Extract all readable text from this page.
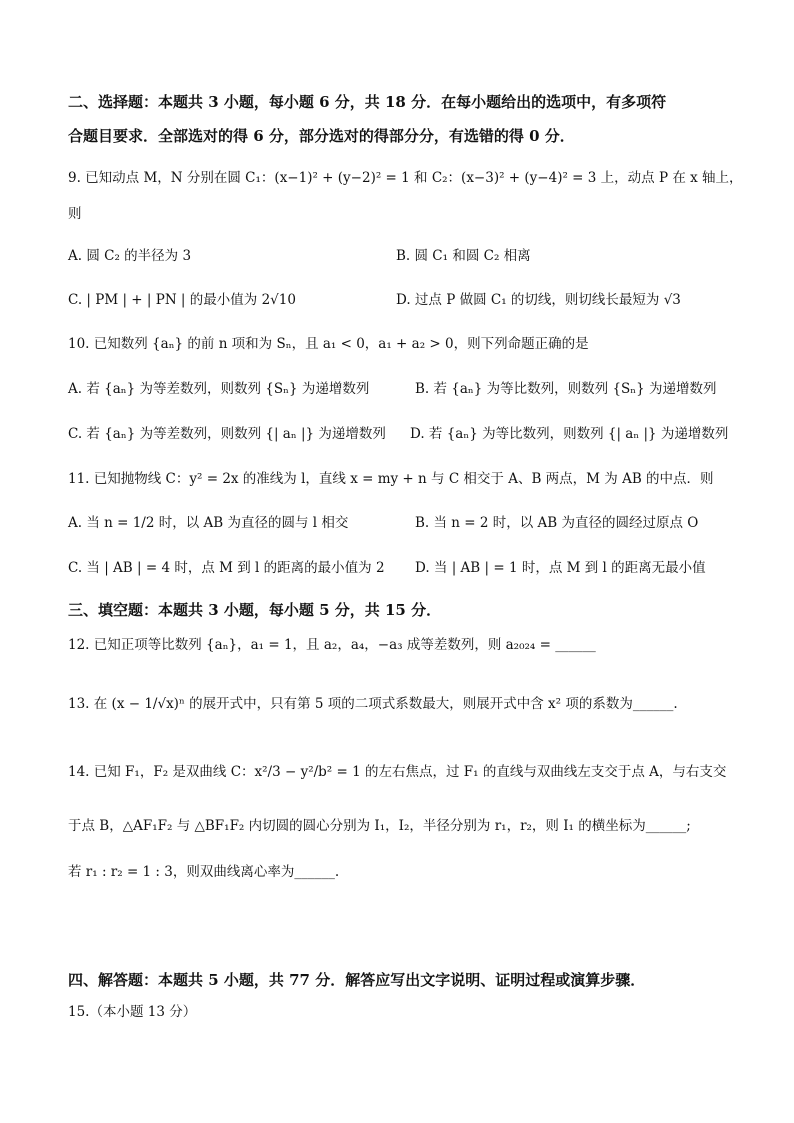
二、选择题：本题共 3 小题，每小题 6 分，共 18 分．在每小题给出的选项中，有多项符
合题目要求．全部选对的得 6 分，部分选对的得部分分，有选错的得 0 分．
9. 已知动点 M，N 分别在圆 C₁：(x−1)² + (y−2)² = 1 和 C₂：(x−3)² + (y−4)² = 3 上，动点 P 在 x 轴上，
则
A. 圆 C₂ 的半径为 3	B. 圆 C₁ 和圆 C₂ 相离
C. | PM | + | PN | 的最小值为 2√10	D. 过点 P 做圆 C₁ 的切线，则切线长最短为 √3
10. 已知数列 {aₙ} 的前 n 项和为 Sₙ，且 a₁ < 0，a₁ + a₂ > 0，则下列命题正确的是
A. 若 {aₙ} 为等差数列，则数列 {Sₙ} 为递增数列	B. 若 {aₙ} 为等比数列，则数列 {Sₙ} 为递增数列
C. 若 {aₙ} 为等差数列，则数列 {| aₙ |} 为递增数列 D. 若 {aₙ} 为等比数列，则数列 {| aₙ |} 为递增数列
11. 已知抛物线 C：y² = 2x 的准线为 l，直线 x = my + n 与 C 相交于 A、B 两点，M 为 AB 的中点．则
A. 当 n = 1/2 时，以 AB 为直径的圆与 l 相交	B. 当 n = 2 时，以 AB 为直径的圆经过原点 O
C. 当 | AB | = 4 时，点 M 到 l 的距离的最小值为 2 D. 当 | AB | = 1 时，点 M 到 l 的距离无最小值
三、填空题：本题共 3 小题，每小题 5 分，共 15 分．
12. 已知正项等比数列 {aₙ}，a₁ = 1，且 a₂，a₄，−a₃ 成等差数列，则 a₂₀₂₄ = ______
13. 在 (x − 1/√x)ⁿ 的展开式中，只有第 5 项的二项式系数最大，则展开式中含 x² 项的系数为______.
14. 已知 F₁，F₂ 是双曲线 C：x²/3 − y²/b² = 1 的左右焦点，过 F₁ 的直线与双曲线左支交于点 A，与右支交
于点 B，△AF₁F₂ 与 △BF₁F₂ 内切圆的圆心分别为 I₁，I₂，半径分别为 r₁，r₂，则 I₁ 的横坐标为______;
若 r₁ : r₂ = 1 : 3，则双曲线离心率为______.
四、解答题：本题共 5 小题，共 77 分．解答应写出文字说明、证明过程或演算步骤．
15.（本小题 13 分）
